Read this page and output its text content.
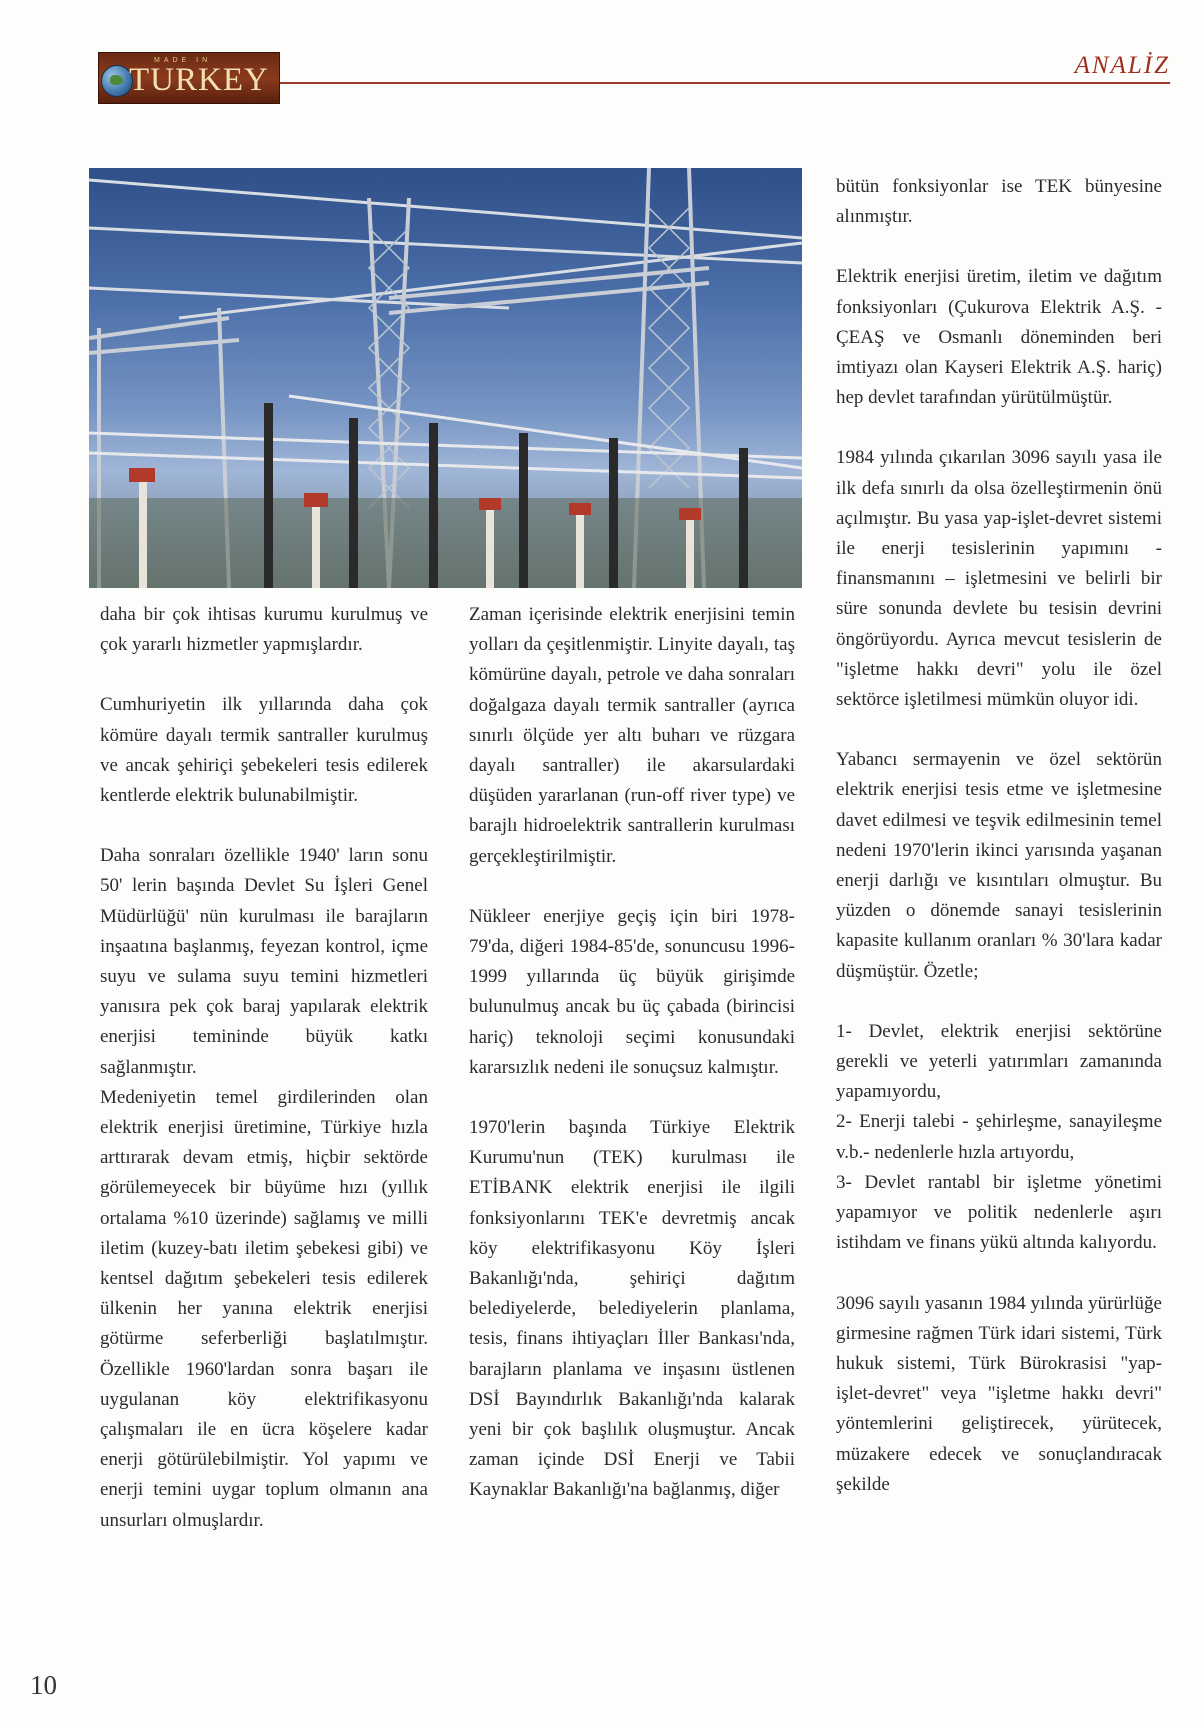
MADE IN
TURKEY	ANALİZ

bütün fonksiyonlar ise TEK bünyesine alınmıştır.

Elektrik enerjisi üretim, iletim ve dağıtım fonksiyonları (Çukurova Elektrik A.Ş. - ÇEAŞ ve Osmanlı döneminden beri imtiyazı olan Kayseri Elektrik A.Ş. hariç) hep devlet tarafından yürütülmüştür.

1984 yılında çıkarılan 3096 sayılı yasa ile ilk defa sınırlı da olsa özelleştirmenin önü açılmıştır. Bu yasa yap-işlet-devret sistemi ile enerji tesislerinin yapımını - finansmanını – işletmesini ve belirli bir süre sonunda devlete bu tesisin devrini öngörüyordu. Ayrıca mevcut tesislerin de "işletme hakkı devri" yolu ile özel sektörce işletilmesi mümkün oluyor idi.

Yabancı sermayenin ve özel sektörün elektrik enerjisi tesis etme ve işletmesine davet edilmesi ve teşvik edilmesinin temel nedeni 1970'lerin ikinci yarısında yaşanan enerji darlığı ve kısıntıları olmuştur. Bu yüzden o dönemde sanayi tesislerinin kapasite kullanım oranları % 30'lara kadar düşmüştür. Özetle;

1- Devlet, elektrik enerjisi sektörüne gerekli ve yeterli yatırımları zamanında yapamıyordu,

2- Enerji talebi - şehirleşme, sanayileşme v.b.- nedenlerle hızla artıyordu,

3- Devlet rantabl bir işletme yönetimi yapamıyor ve politik nedenlerle aşırı istihdam ve finans yükü altında kalıyordu.

3096 sayılı yasanın 1984 yılında yürürlüğe girmesine rağmen Türk idari sistemi, Türk hukuk sistemi, Türk Bürokrasisi "yap-işlet-devret" veya "işletme hakkı devri" yöntemlerini geliştirecek, yürütecek, müzakere edecek ve sonuçlandıracak şekilde

daha bir çok ihtisas kurumu kurulmuş ve çok yararlı hizmetler yapmışlardır.

Cumhuriyetin ilk yıllarında daha çok kömüre dayalı termik santraller kurulmuş ve ancak şehiriçi şebekeleri tesis edilerek kentlerde elektrik bulunabilmiştir.

Daha sonraları özellikle 1940' ların sonu 50' lerin başında Devlet Su İşleri Genel Müdürlüğü' nün kurulması ile barajların inşaatına başlanmış, feyezan kontrol, içme suyu ve sulama suyu temini hizmetleri yanısıra pek çok baraj yapılarak elektrik enerjisi temininde büyük katkı sağlanmıştır.

Medeniyetin temel girdilerinden olan elektrik enerjisi üretimine, Türkiye hızla arttırarak devam etmiş, hiçbir sektörde görülemeyecek bir büyüme hızı (yıllık ortalama %10 üzerinde) sağlamış ve milli iletim (kuzey-batı iletim şebekesi gibi) ve kentsel dağıtım şebekeleri tesis edilerek ülkenin her yanına elektrik enerjisi götürme seferberliği başlatılmıştır. Özellikle 1960'lardan sonra başarı ile uygulanan köy elektrifikasyonu çalışmaları ile en ücra köşelere kadar enerji götürülebilmiştir. Yol yapımı ve enerji temini uygar toplum olmanın ana unsurları olmuşlardır.

Zaman içerisinde elektrik enerjisini temin yolları da çeşitlenmiştir. Linyite dayalı, taş kömürüne dayalı, petrole ve daha sonraları doğalgaza dayalı termik santraller (ayrıca sınırlı ölçüde yer altı buharı ve rüzgara dayalı santraller) ile akarsulardaki düşüden yararlanan (run-off river type) ve barajlı hidroelektrik santrallerin kurulması gerçekleştirilmiştir.

Nükleer enerjiye geçiş için biri 1978-79'da, diğeri 1984-85'de, sonuncusu 1996-1999 yıllarında üç büyük girişimde bulunulmuş ancak bu üç çabada (birincisi hariç) teknoloji seçimi konusundaki kararsızlık nedeni ile sonuçsuz kalmıştır.

1970'lerin başında Türkiye Elektrik Kurumu'nun (TEK) kurulması ile ETİBANK elektrik enerjisi ile ilgili fonksiyonlarını TEK'e devretmiş ancak köy elektrifikasyonu Köy İşleri Bakanlığı'nda, şehiriçi dağıtım belediyelerde, belediyelerin planlama, tesis, finans ihtiyaçları İller Bankası'nda, barajların planlama ve inşasını üstlenen DSİ Bayındırlık Bakanlığı'nda kalarak yeni bir çok başlılık oluşmuştur. Ancak zaman içinde DSİ Enerji ve Tabii Kaynaklar Bakanlığı'na bağlanmış, diğer

10
